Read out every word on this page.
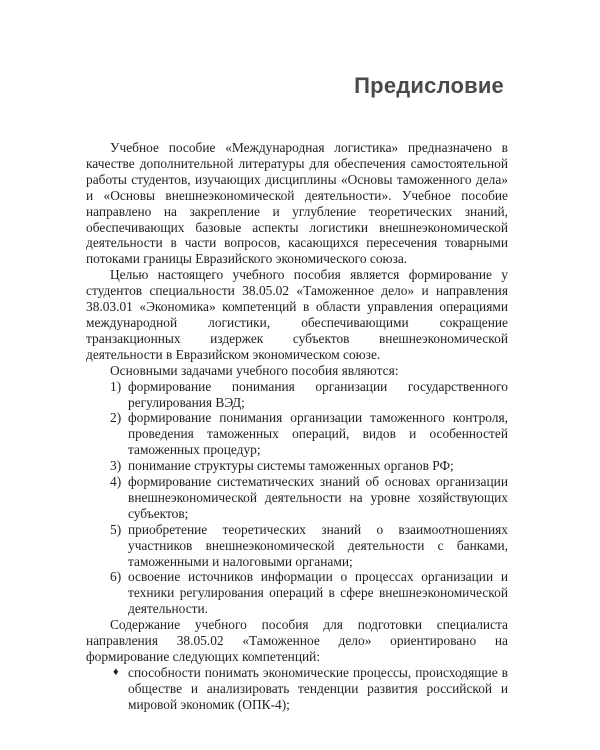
Предисловие

Учебное пособие «Международная логистика» предназначено в качестве дополнительной литературы для обеспечения самостоятельной работы студентов, изучающих дисциплины «Основы таможенного дела» и «Основы внешнеэкономической деятельности». Учебное пособие направлено на закрепление и углубление теоретических знаний, обеспечивающих базовые аспекты логистики внешнеэкономической деятельности в части вопросов, касающихся пересечения товарными потоками границы Евразийского экономического союза.

Целью настоящего учебного пособия является формирование у студентов специальности 38.05.02 «Таможенное дело» и направления 38.03.01 «Экономика» компетенций в области управления операциями международной логистики, обеспечивающими сокращение транзакционных издержек субъектов внешнеэкономической деятельности в Евразийском экономическом союзе.

Основными задачами учебного пособия являются:

1) формирование понимания организации государственного регулирования ВЭД;
2) формирование понимания организации таможенного контроля, проведения таможенных операций, видов и особенностей таможенных процедур;
3) понимание структуры системы таможенных органов РФ;
4) формирование систематических знаний об основах организации внешнеэкономической деятельности на уровне хозяйствующих субъектов;
5) приобретение теоретических знаний о взаимоотношениях участников внешнеэкономической деятельности с банками, таможенными и налоговыми органами;
6) освоение источников информации о процессах организации и техники регулирования операций в сфере внешнеэкономической деятельности.

Содержание учебного пособия для подготовки специалиста направления 38.05.02 «Таможенное дело» ориентировано на формирование следующих компетенций:

♦ способности понимать экономические процессы, происходящие в обществе и анализировать тенденции развития российской и мировой экономик (ОПК-4);
